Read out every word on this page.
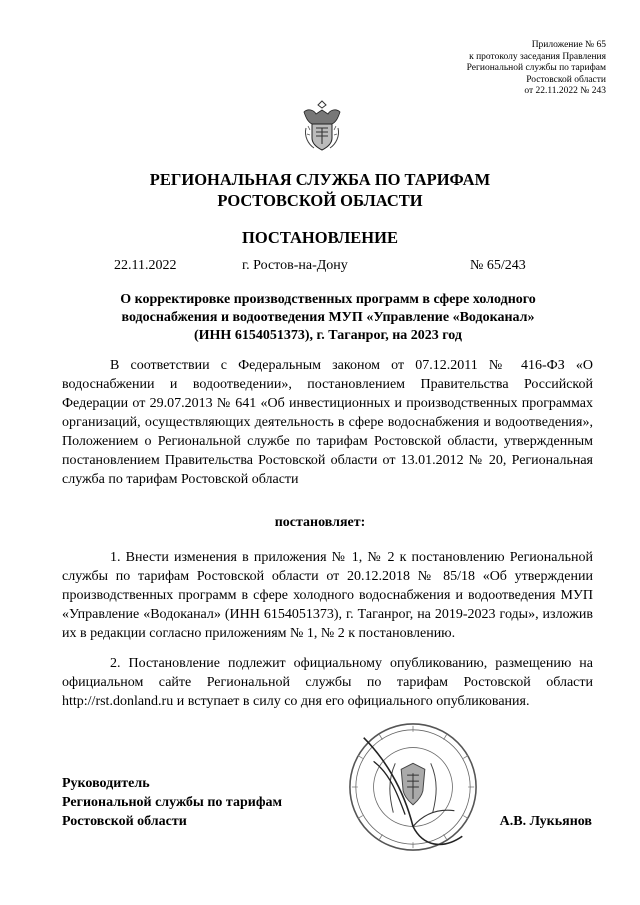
Приложение № 65
к протоколу заседания Правления
Региональной службы по тарифам
Ростовской области
от 22.11.2022 № 243
РЕГИОНАЛЬНАЯ СЛУЖБА ПО ТАРИФАМ
РОСТОВСКОЙ ОБЛАСТИ
ПОСТАНОВЛЕНИЕ
22.11.2022	г. Ростов-на-Дону	№ 65/243
О корректировке производственных программ в сфере холодного
водоснабжения и водоотведения МУП «Управление «Водоканал»
(ИНН 6154051373), г. Таганрог, на 2023 год

В соответствии с Федеральным законом от 07.12.2011 № 416-ФЗ «О водоснабжении и водоотведении», постановлением Правительства Российской Федерации от 29.07.2013 № 641 «Об инвестиционных и производственных программах организаций, осуществляющих деятельность в сфере водоснабжения и водоотведения», Положением о Региональной службе по тарифам Ростовской области, утвержденным постановлением Правительства Ростовской области от 13.01.2012 № 20, Региональная служба по тарифам Ростовской области

постановляет:

1. Внести изменения в приложения № 1, № 2 к постановлению Региональной службы по тарифам Ростовской области от 20.12.2018 № 85/18 «Об утверждении производственных программ в сфере холодного водоснабжения и водоотведения МУП «Управление «Водоканал» (ИНН 6154051373), г. Таганрог, на 2019-2023 годы», изложив их в редакции согласно приложениям № 1, № 2 к постановлению.

2. Постановление подлежит официальному опубликованию, размещению на официальном сайте Региональной службы по тарифам Ростовской области http://rst.donland.ru и вступает в силу со дня его официального опубликования.

Руководитель
Региональной службы по тарифам
Ростовской области	А.В. Лукьянов
